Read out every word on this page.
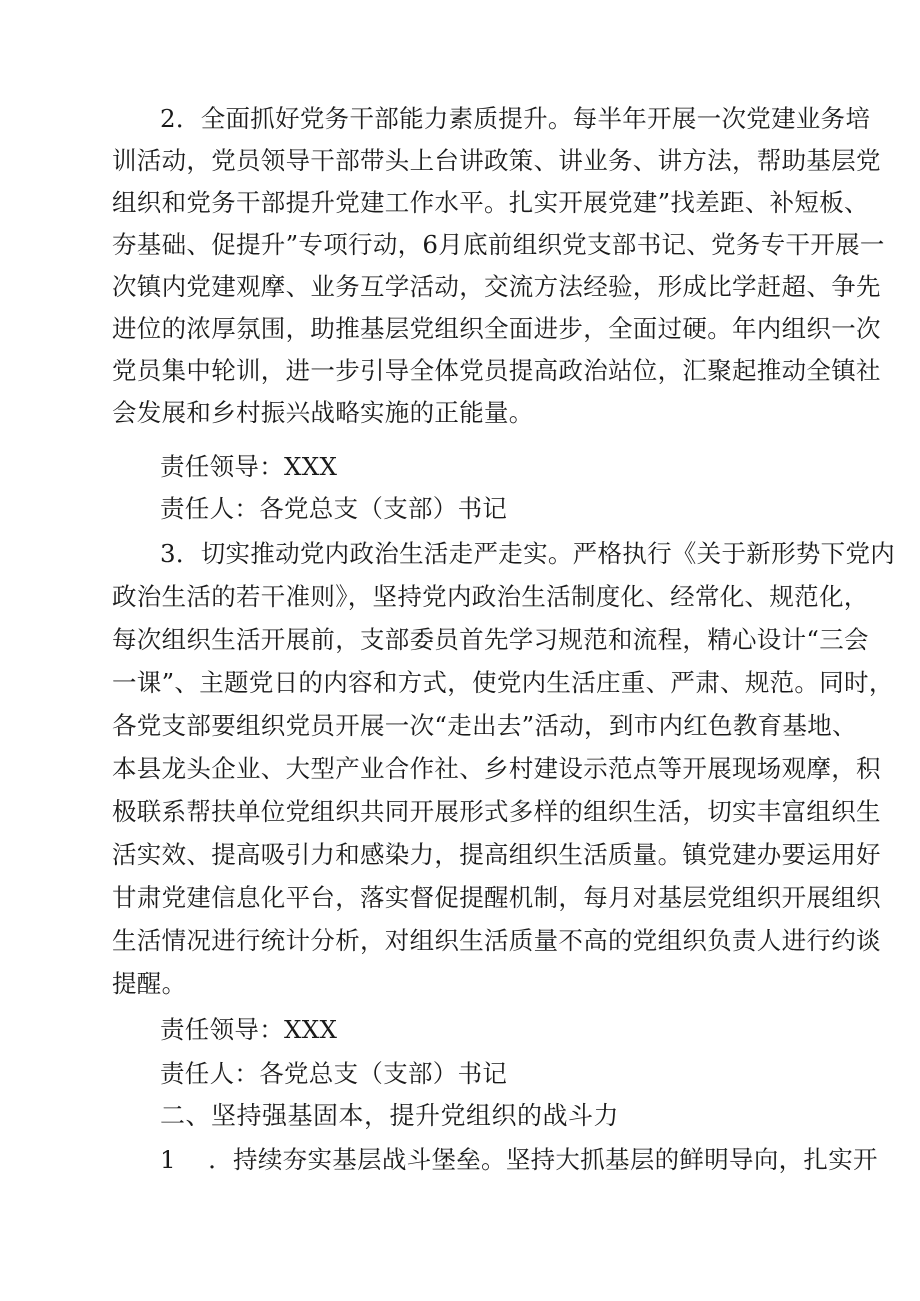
2．全面抓好党务干部能力素质提升。每半年开展一次党建业务培
训活动，党员领导干部带头上台讲政策、讲业务、讲方法，帮助基层党
组织和党务干部提升党建工作水平。扎实开展党建”找差距、补短板、
夯基础、促提升”专项行动，6月底前组织党支部书记、党务专干开展一
次镇内党建观摩、业务互学活动，交流方法经验，形成比学赶超、争先
进位的浓厚氛围，助推基层党组织全面进步，全面过硬。年内组织一次
党员集中轮训，进一步引导全体党员提高政治站位，汇聚起推动全镇社
会发展和乡村振兴战略实施的正能量。
责任领导：XXX
责任人：各党总支（支部）书记
3．切实推动党内政治生活走严走实。严格执行《关于新形势下党内
政治生活的若干准则》，坚持党内政治生活制度化、经常化、规范化，
每次组织生活开展前，支部委员首先学习规范和流程，精心设计“三会
一课”、主题党日的内容和方式，使党内生活庄重、严肃、规范。同时，
各党支部要组织党员开展一次“走出去”活动，到市内红色教育基地、
本县龙头企业、大型产业合作社、乡村建设示范点等开展现场观摩，积
极联系帮扶单位党组织共同开展形式多样的组织生活，切实丰富组织生
活实效、提高吸引力和感染力，提高组织生活质量。镇党建办要运用好
甘肃党建信息化平台，落实督促提醒机制，每月对基层党组织开展组织
生活情况进行统计分析，对组织生活质量不高的党组织负责人进行约谈
提醒。
责任领导：XXX
责任人：各党总支（支部）书记
二、坚持强基固本，提升党组织的战斗力
1    ．持续夯实基层战斗堡垒。坚持大抓基层的鲜明导向，扎实开
